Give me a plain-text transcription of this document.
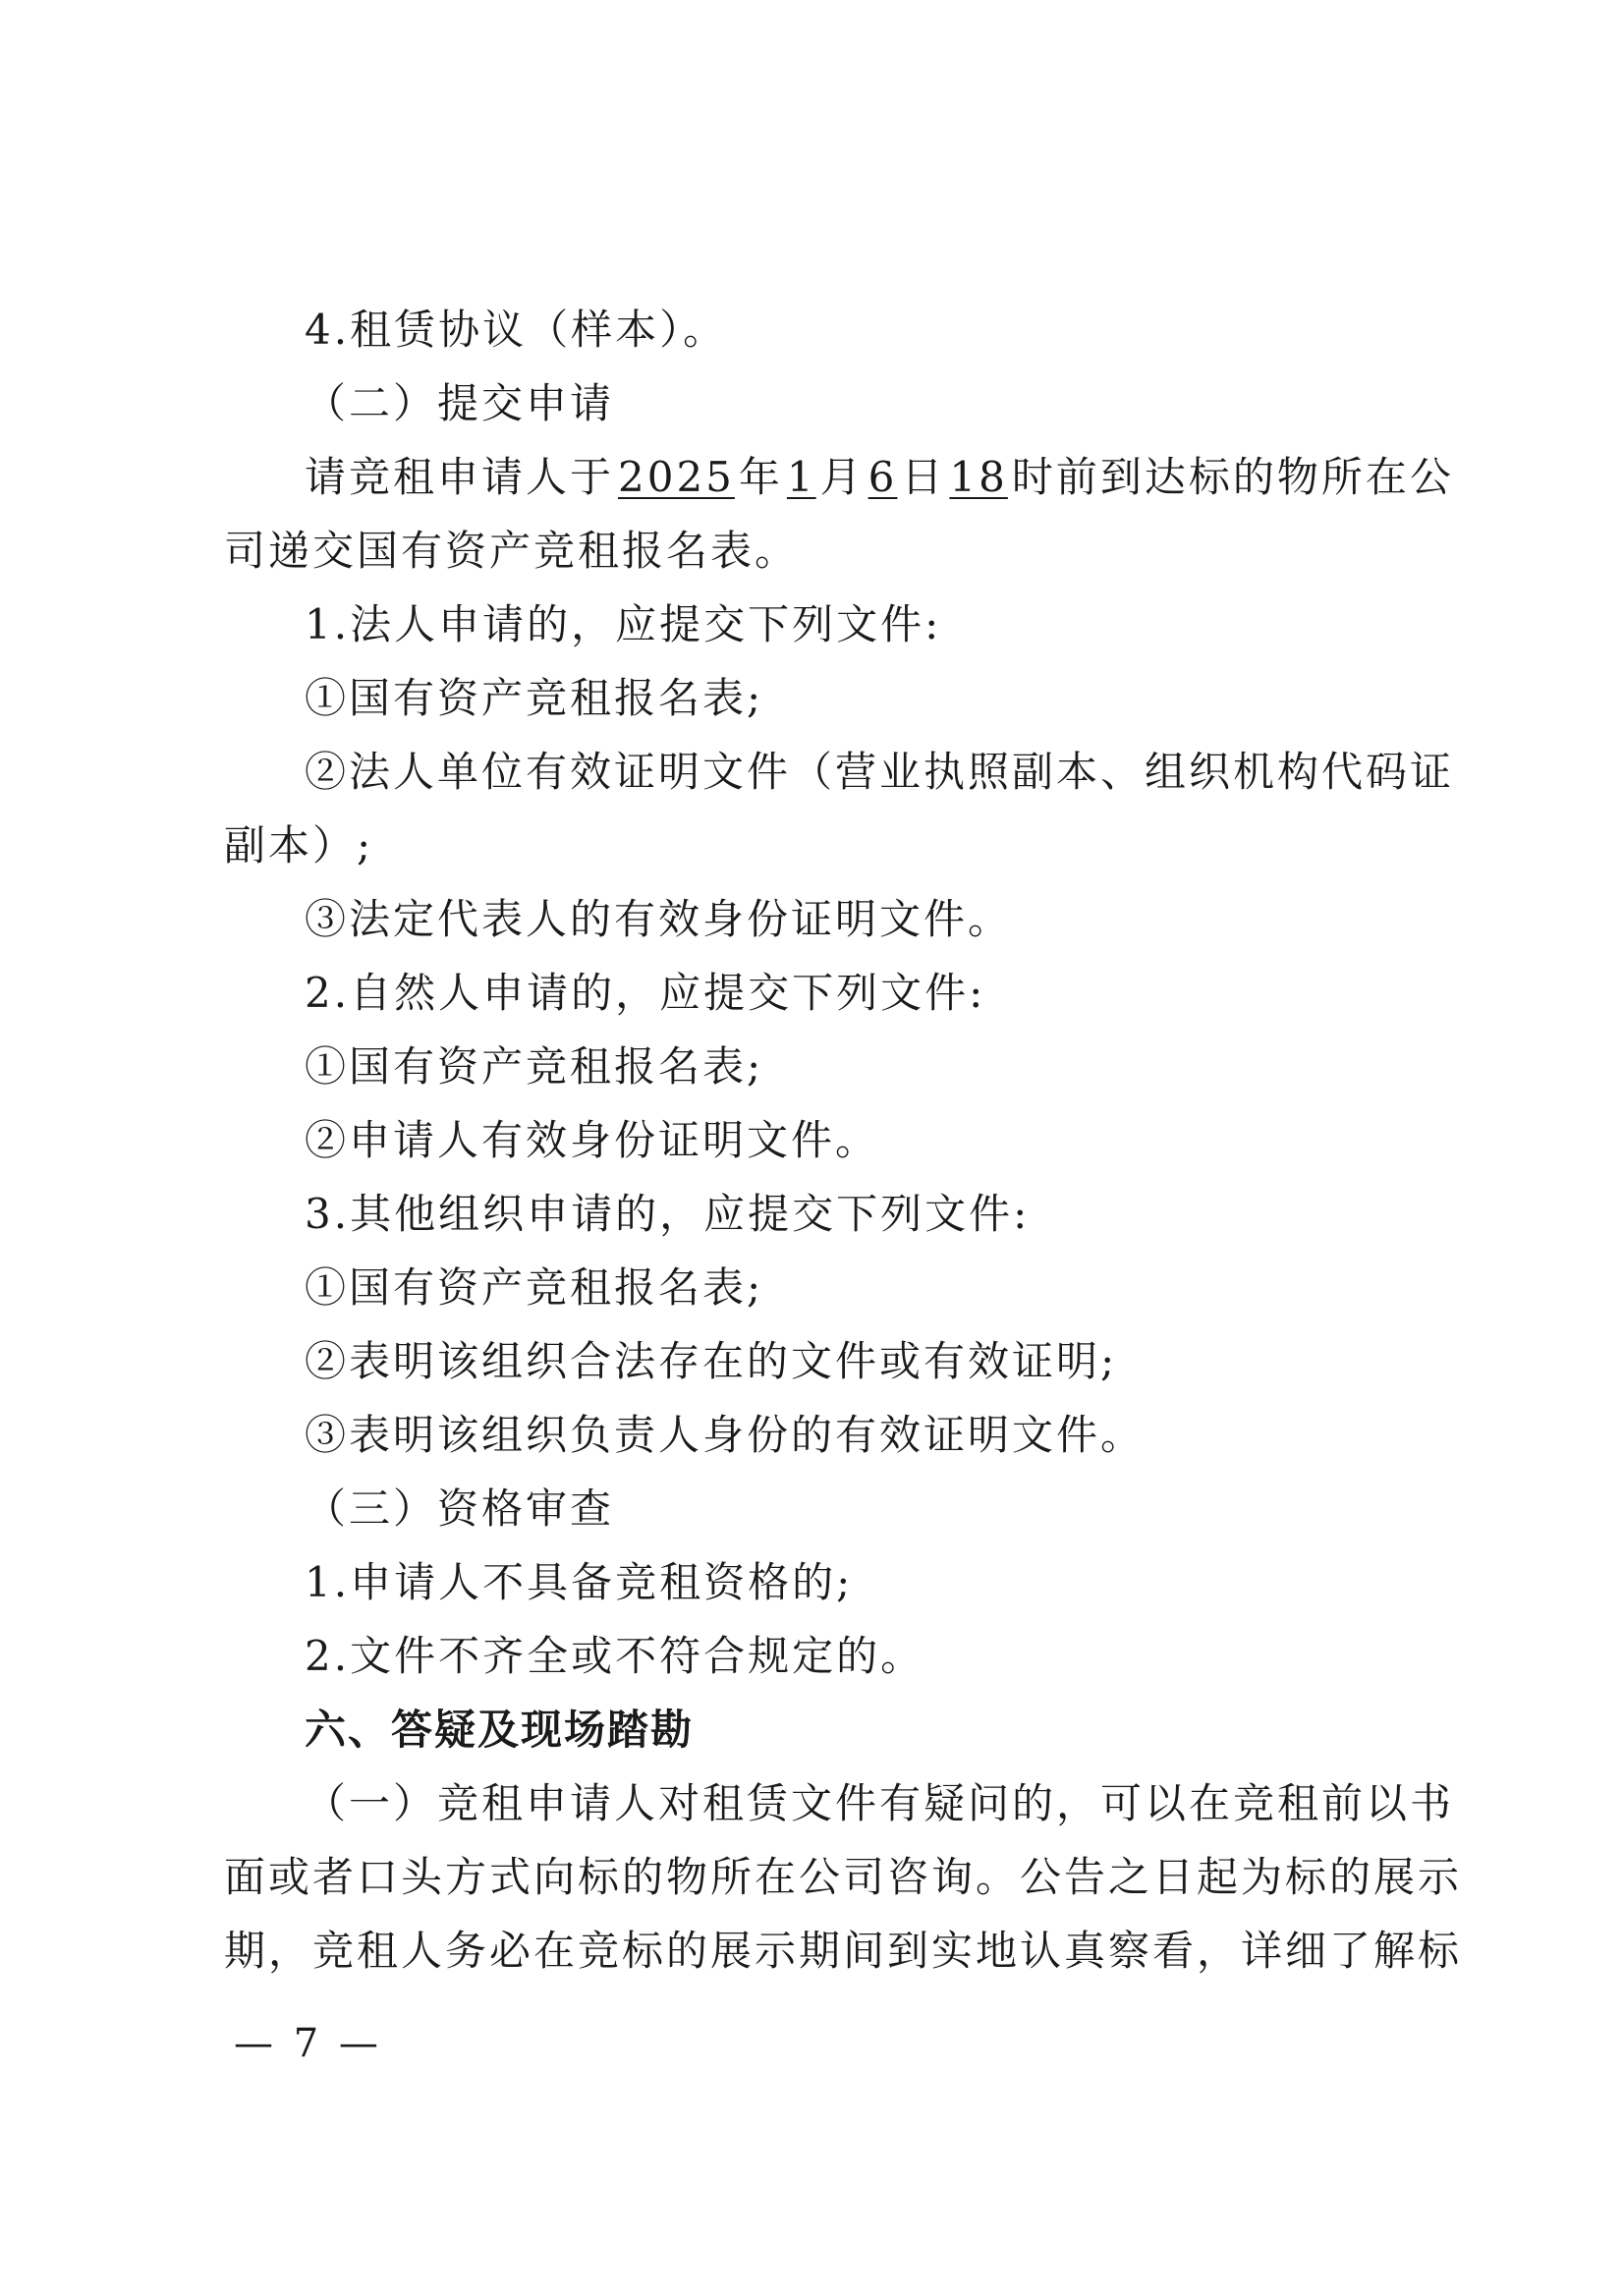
4.租赁协议（样本）。
（二）提交申请
请竞租申请人于2025年1月6日18时前到达标的物所在公
司递交国有资产竞租报名表。
1.法人申请的，应提交下列文件:
①国有资产竞租报名表;
②法人单位有效证明文件（营业执照副本、组织机构代码证
副本）;
③法定代表人的有效身份证明文件。
2.自然人申请的，应提交下列文件:
①国有资产竞租报名表;
②申请人有效身份证明文件。
3.其他组织申请的，应提交下列文件:
①国有资产竞租报名表;
②表明该组织合法存在的文件或有效证明;
③表明该组织负责人身份的有效证明文件。
（三）资格审查
1.申请人不具备竞租资格的;
2.文件不齐全或不符合规定的。
六、答疑及现场踏勘
（一）竞租申请人对租赁文件有疑问的，可以在竞租前以书
面或者口头方式向标的物所在公司咨询。公告之日起为标的展示
期，竞租人务必在竞标的展示期间到实地认真察看，详细了解标
— 7 —
